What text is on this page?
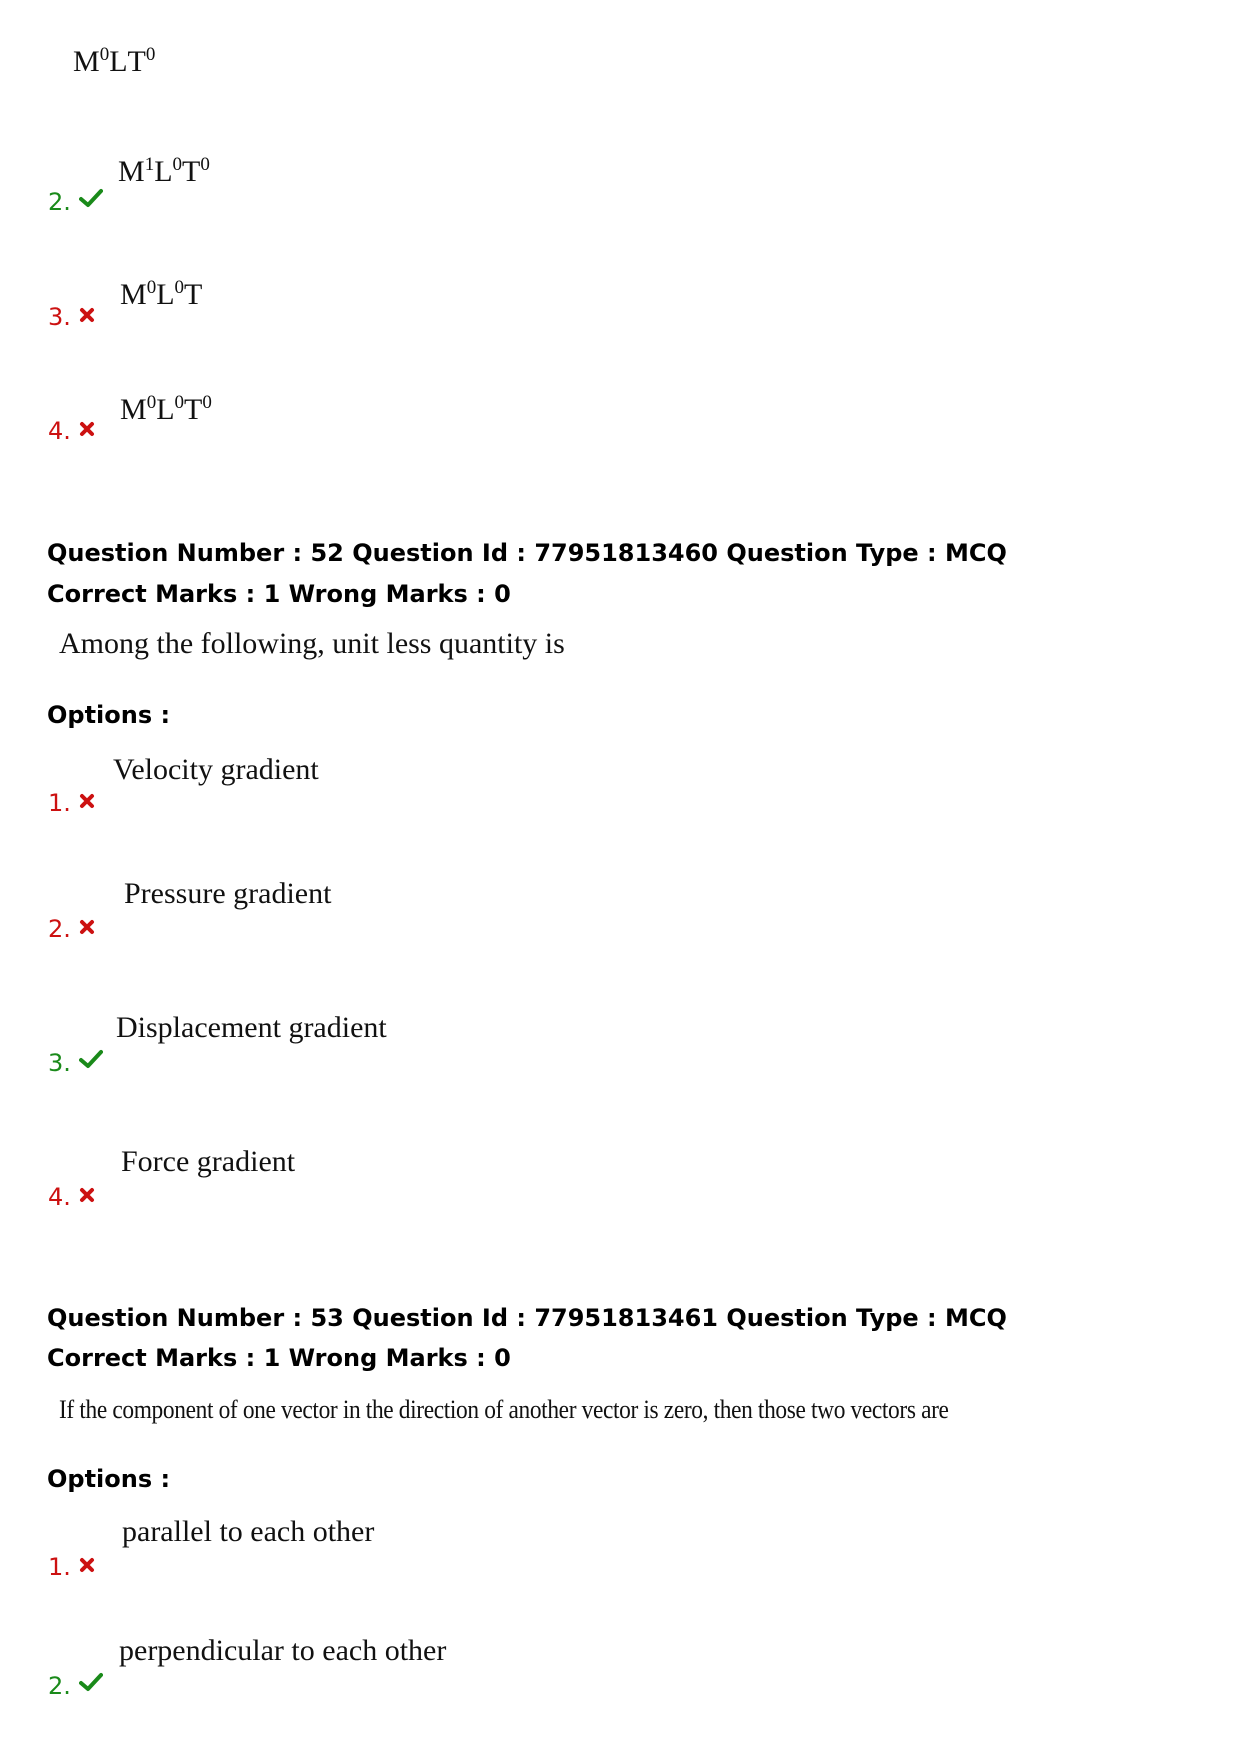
$M^0LT^0$
2.
$M^1L^0T^0$
3.
$M^0L^0T$
4.
$M^0L^0T^0$
Question Number : 52 Question Id : 77951813460 Question Type : MCQ
Correct Marks : 1 Wrong Marks : 0
Among the following, unit less quantity is
Options :
1.
Velocity gradient
2.
Pressure gradient
3.
Displacement gradient
4.
Force gradient
Question Number : 53 Question Id : 77951813461 Question Type : MCQ
Correct Marks : 1 Wrong Marks : 0
If the component of one vector in the direction of another vector is zero, then those two vectors are
Options :
1.
parallel to each other
2.
perpendicular to each other
